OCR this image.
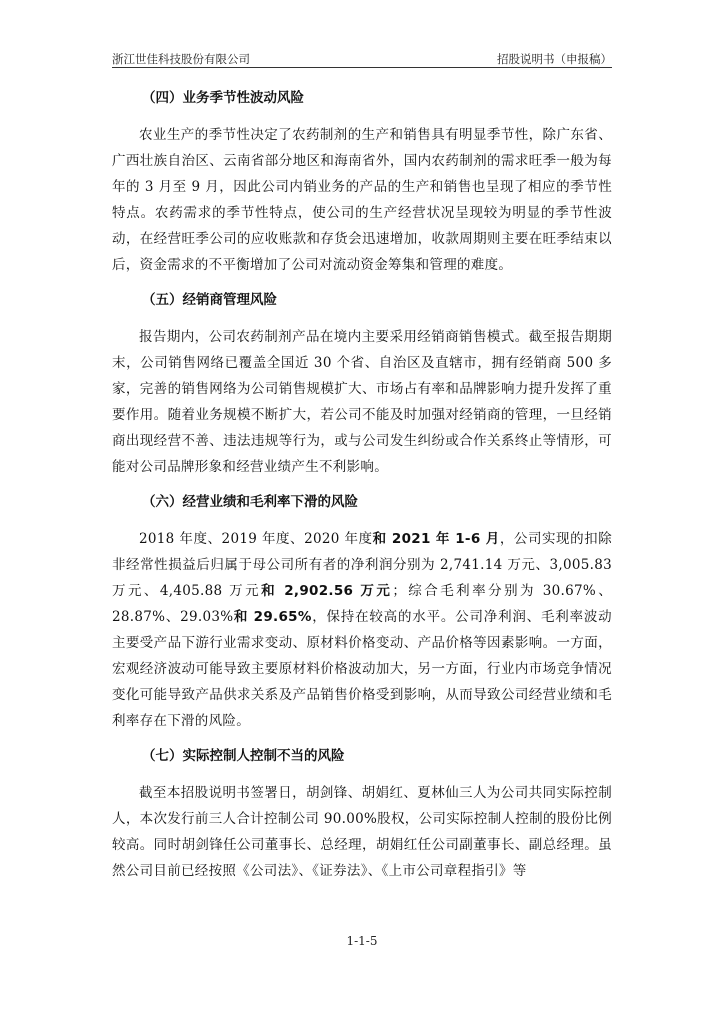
浙江世佳科技股份有限公司	招股说明书（申报稿）
（四）业务季节性波动风险

农业生产的季节性决定了农药制剂的生产和销售具有明显季节性，除广东省、广西壮族自治区、云南省部分地区和海南省外，国内农药制剂的需求旺季一般为每年的 3 月至 9 月，因此公司内销业务的产品的生产和销售也呈现了相应的季节性特点。农药需求的季节性特点，使公司的生产经营状况呈现较为明显的季节性波动，在经营旺季公司的应收账款和存货会迅速增加，收款周期则主要在旺季结束以后，资金需求的不平衡增加了公司对流动资金筹集和管理的难度。

（五）经销商管理风险

报告期内，公司农药制剂产品在境内主要采用经销商销售模式。截至报告期期末，公司销售网络已覆盖全国近 30 个省、自治区及直辖市，拥有经销商 500 多家，完善的销售网络为公司销售规模扩大、市场占有率和品牌影响力提升发挥了重要作用。随着业务规模不断扩大，若公司不能及时加强对经销商的管理，一旦经销商出现经营不善、违法违规等行为，或与公司发生纠纷或合作关系终止等情形，可能对公司品牌形象和经营业绩产生不利影响。

（六）经营业绩和毛利率下滑的风险

2018 年度、2019 年度、2020 年度和 2021 年 1-6 月，公司实现的扣除非经常性损益后归属于母公司所有者的净利润分别为 2,741.14 万元、3,005.83 万元、4,405.88 万元和 2,902.56 万元；综合毛利率分别为 30.67%、28.87%、29.03%和 29.65%，保持在较高的水平。公司净利润、毛利率波动主要受产品下游行业需求变动、原材料价格变动、产品价格等因素影响。一方面，宏观经济波动可能导致主要原材料价格波动加大，另一方面，行业内市场竞争情况变化可能导致产品供求关系及产品销售价格受到影响，从而导致公司经营业绩和毛利率存在下滑的风险。

（七）实际控制人控制不当的风险

截至本招股说明书签署日，胡剑锋、胡娟红、夏林仙三人为公司共同实际控制人，本次发行前三人合计控制公司 90.00%股权，公司实际控制人控制的股份比例较高。同时胡剑锋任公司董事长、总经理，胡娟红任公司副董事长、副总经理。虽然公司目前已经按照《公司法》、《证券法》、《上市公司章程指引》等

1-1-5
